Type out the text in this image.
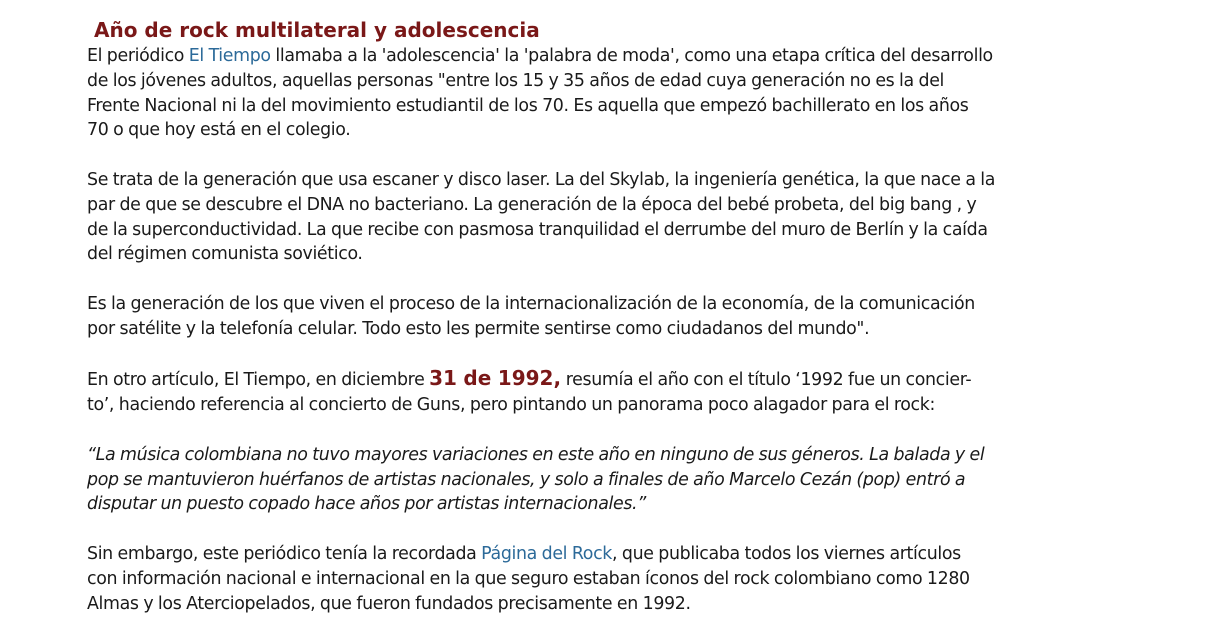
Año de rock multilateral y adolescencia

El periódico El Tiempo llamaba a la 'adolescencia' la 'palabra de moda', como una etapa crítica del desarrollo
de los jóvenes adultos, aquellas personas "entre los 15 y 35 años de edad cuya generación no es la del
Frente Nacional ni la del movimiento estudiantil de los 70. Es aquella que empezó bachillerato en los años
70 o que hoy está en el colegio.

Se trata de la generación que usa escaner y disco laser. La del Skylab, la ingeniería genética, la que nace a la
par de que se descubre el DNA no bacteriano. La generación de la época del bebé probeta, del big bang , y
de la superconductividad. La que recibe con pasmosa tranquilidad el derrumbe del muro de Berlín y la caída
del régimen comunista soviético.

Es la generación de los que viven el proceso de la internacionalización de la economía, de la comunicación
por satélite y la telefonía celular. Todo esto les permite sentirse como ciudadanos del mundo".

En otro artículo, El Tiempo, en diciembre 31 de 1992, resumía el año con el título ‘1992 fue un concier-
to’, haciendo referencia al concierto de Guns, pero pintando un panorama poco alagador para el rock:

“La música colombiana no tuvo mayores variaciones en este año en ninguno de sus géneros. La balada y el
pop se mantuvieron huérfanos de artistas nacionales, y solo a finales de año Marcelo Cezán (pop) entró a
disputar un puesto copado hace años por artistas internacionales.”

Sin embargo, este periódico tenía la recordada Página del Rock, que publicaba todos los viernes artículos
con información nacional e internacional en la que seguro estaban íconos del rock colombiano como 1280
Almas y los Aterciopelados, que fueron fundados precisamente en 1992.
